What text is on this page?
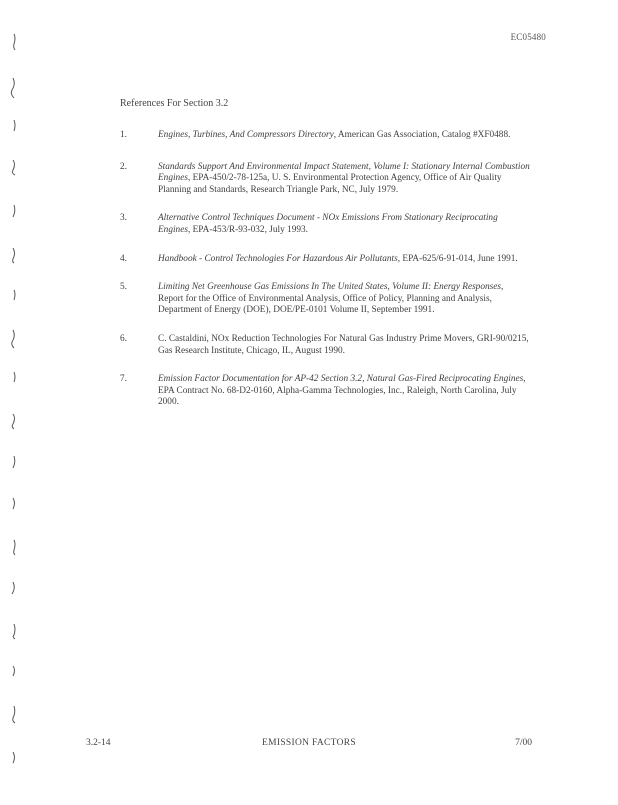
EC05480
References For Section 3.2
1.	Engines, Turbines, And Compressors Directory, American Gas Association, Catalog #XF0488.
2.	Standards Support And Environmental Impact Statement, Volume I: Stationary Internal Combustion Engines, EPA-450/2-78-125a, U. S. Environmental Protection Agency, Office of Air Quality Planning and Standards, Research Triangle Park, NC, July 1979.
3.	Alternative Control Techniques Document - NOx Emissions From Stationary Reciprocating Engines, EPA-453/R-93-032, July 1993.
4.	Handbook - Control Technologies For Hazardous Air Pollutants, EPA-625/6-91-014, June 1991.
5.	Limiting Net Greenhouse Gas Emissions In The United States, Volume II: Energy Responses, Report for the Office of Environmental Analysis, Office of Policy, Planning and Analysis, Department of Energy (DOE), DOE/PE-0101 Volume II, September 1991.
6.	C. Castaldini, NOx Reduction Technologies For Natural Gas Industry Prime Movers, GRI-90/0215, Gas Research Institute, Chicago, IL, August 1990.
7.	Emission Factor Documentation for AP-42 Section 3.2, Natural Gas-Fired Reciprocating Engines, EPA Contract No. 68-D2-0160, Alpha-Gamma Technologies, Inc., Raleigh, North Carolina, July 2000.
3.2-14	EMISSION FACTORS	7/00
